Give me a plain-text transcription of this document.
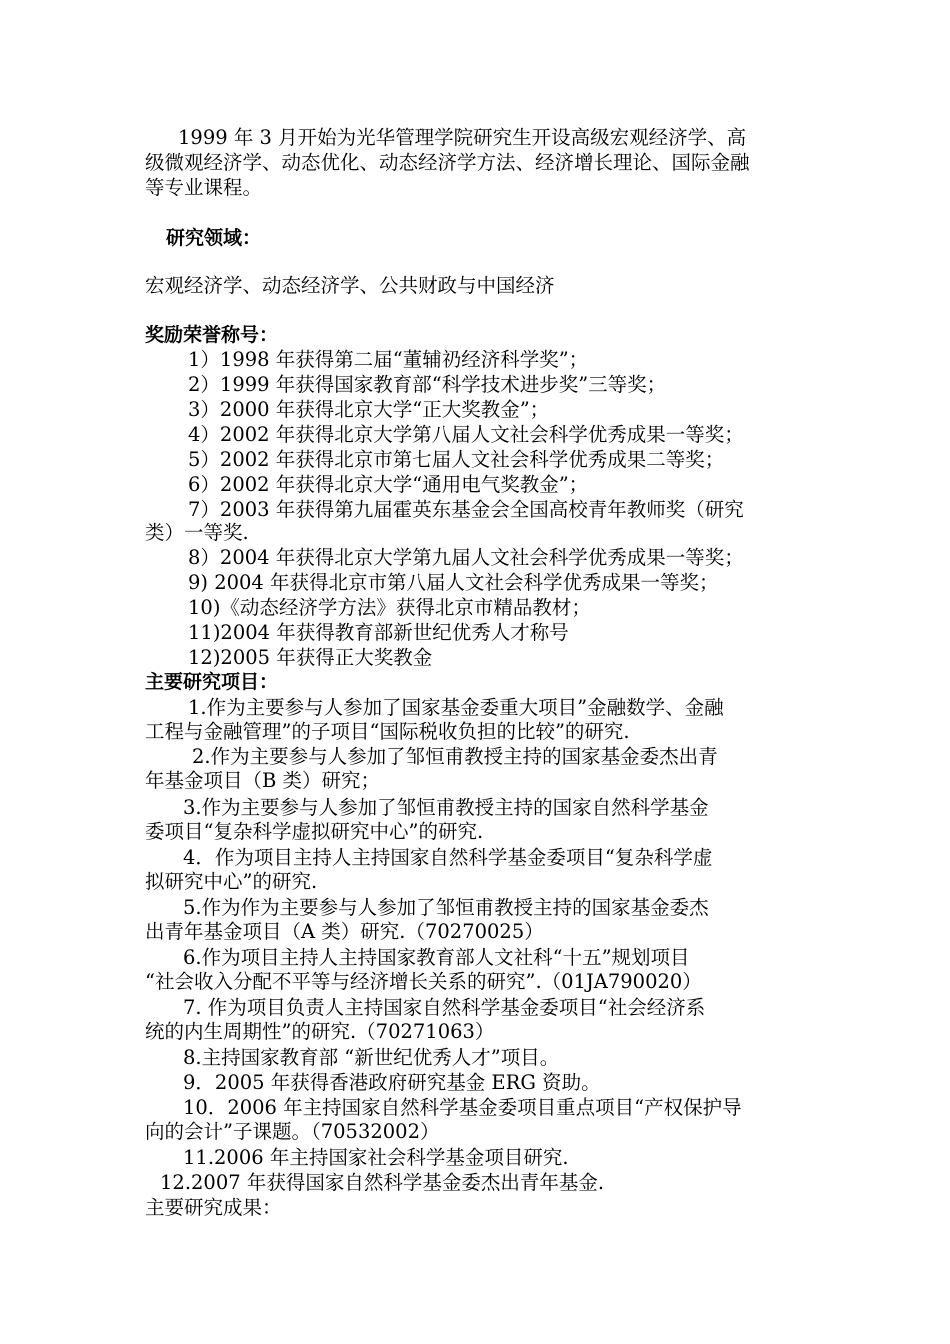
1999 年 3 月开始为光华管理学院研究生开设高级宏观经济学、高
级微观经济学、动态优化、动态经济学方法、经济增长理论、国际金融
等专业课程。
研究领域：
宏观经济学、动态经济学、公共财政与中国经济
奖励荣誉称号：
1）1998 年获得第二届“董辅礽经济科学奖”；
2）1999 年获得国家教育部“科学技术进步奖”三等奖；
3）2000 年获得北京大学“正大奖教金”；
4）2002 年获得北京大学第八届人文社会科学优秀成果一等奖；
5）2002 年获得北京市第七届人文社会科学优秀成果二等奖；
6）2002 年获得北京大学“通用电气奖教金”；
7）2003 年获得第九届霍英东基金会全国高校青年教师奖（研究
类）一等奖.
8）2004 年获得北京大学第九届人文社会科学优秀成果一等奖；
9) 2004 年获得北京市第八届人文社会科学优秀成果一等奖；
10)《动态经济学方法》获得北京市精品教材；
11)2004 年获得教育部新世纪优秀人才称号
12)2005 年获得正大奖教金
主要研究项目：
1.作为主要参与人参加了国家基金委重大项目”金融数学、金融
工程与金融管理”的子项目“国际税收负担的比较”的研究.
2.作为主要参与人参加了邹恒甫教授主持的国家基金委杰出青
年基金项目（B 类）研究；
3.作为主要参与人参加了邹恒甫教授主持的国家自然科学基金
委项目“复杂科学虚拟研究中心”的研究.
4．作为项目主持人主持国家自然科学基金委项目“复杂科学虚
拟研究中心”的研究.
5.作为作为主要参与人参加了邹恒甫教授主持的国家基金委杰
出青年基金项目（A 类）研究.（70270025）
6.作为项目主持人主持国家教育部人文社科“十五”规划项目
“社会收入分配不平等与经济增长关系的研究”.（01JA790020）
7. 作为项目负责人主持国家自然科学基金委项目“社会经济系
统的内生周期性”的研究.（70271063）
8.主持国家教育部 “新世纪优秀人才”项目。
9．2005 年获得香港政府研究基金 ERG 资助。
10．2006 年主持国家自然科学基金委项目重点项目“产权保护导
向的会计”子课题。（70532002）
11.2006 年主持国家社会科学基金项目研究.
12.2007 年获得国家自然科学基金委杰出青年基金.
主要研究成果：
